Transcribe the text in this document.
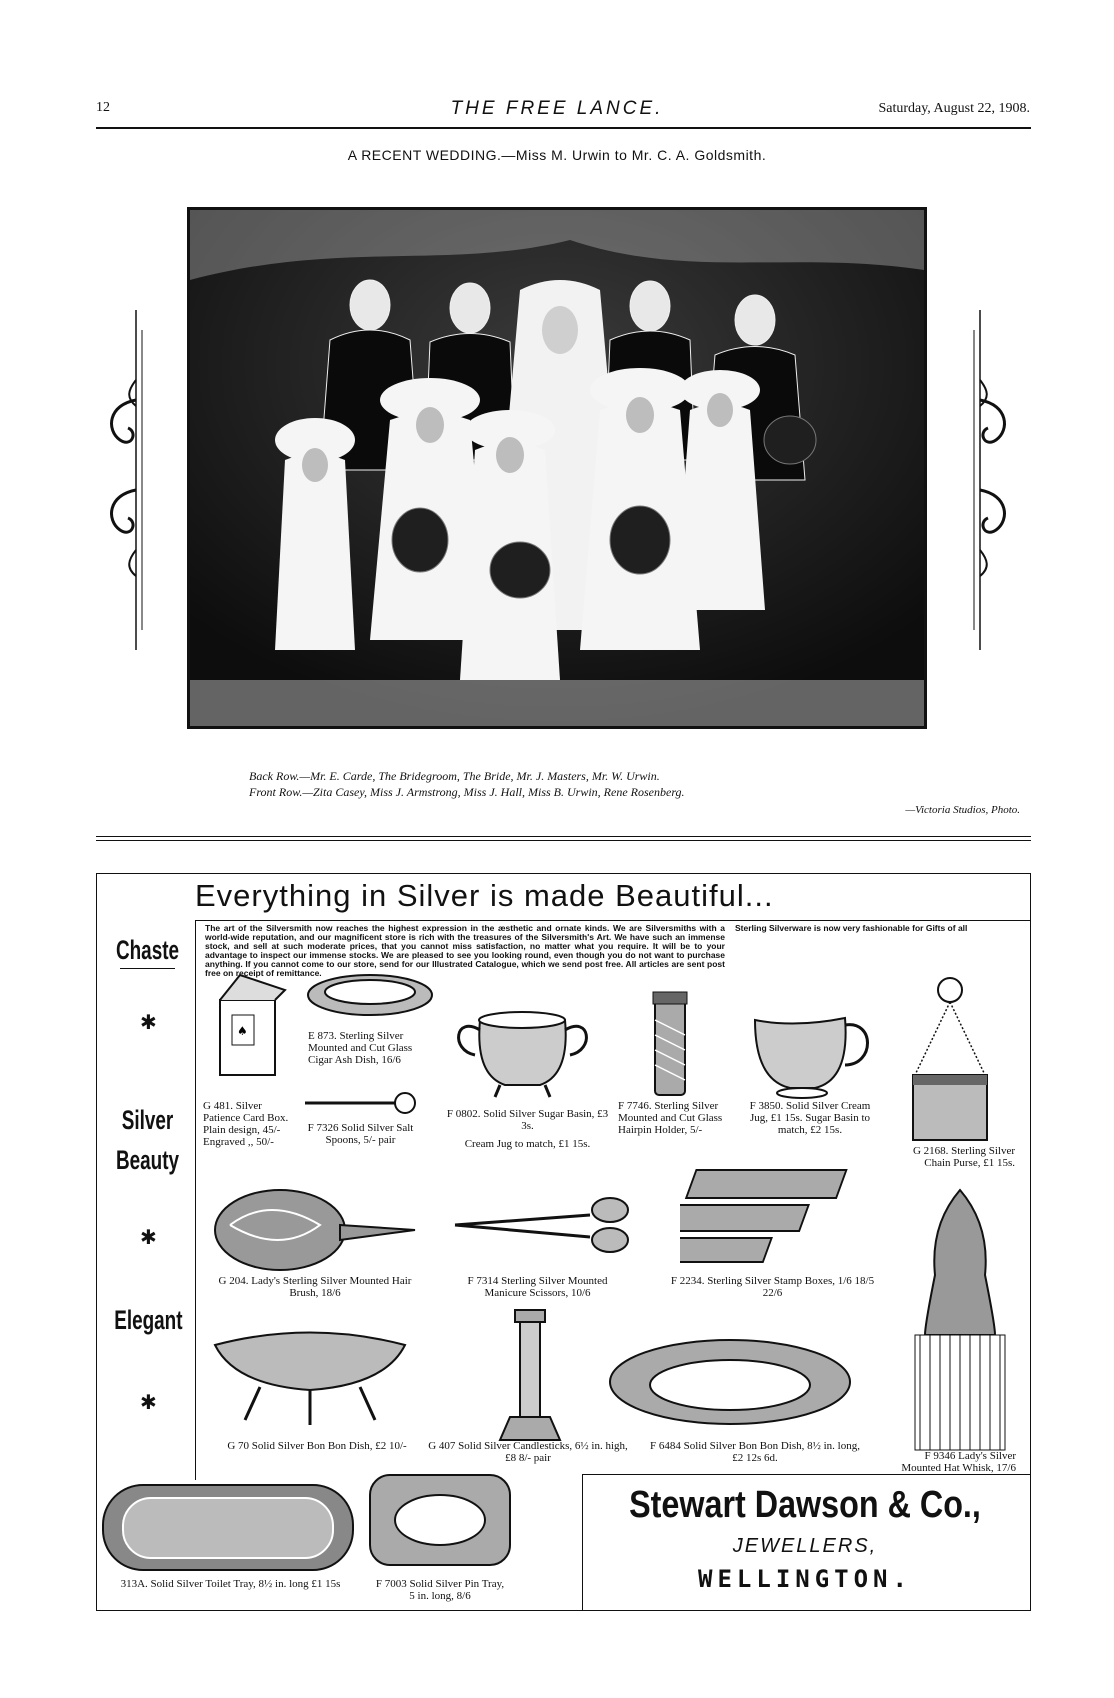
12	THE FREE LANCE.	Saturday, August 22, 1908.
A RECENT WEDDING.—Miss M. Urwin to Mr. C. A. Goldsmith.
Back Row.—Mr. E. Carde, The Bridegroom, The Bride, Mr. J. Masters, Mr. W. Urwin.
Front Row.—Zita Casey, Miss J. Armstrong, Miss J. Hall, Miss B. Urwin, Rene Rosenberg.
—Victoria Studios, Photo.
Everything in Silver is made Beautiful...
The art of the Silversmith now reaches the highest expression in the æsthetic and ornate kinds. We are Silversmiths with a world-wide reputation, and our magnificent store is rich with the treasures of the Silversmith's Art. We have such an immense stock, and sell at such moderate prices, that you cannot miss satisfaction, no matter what you require. It will be to your advantage to inspect our immense stocks. We are pleased to see you looking round, even though you do not want to purchase anything. If you cannot come to our store, send for our Illustrated Catalogue, which we send post free. All articles are sent post free on receipt of remittance.
Sterling Silverware is now very fashionable for Gifts of all
Chaste
✱
Silver
Beauty
✱
Elegant
✱
♠
G 481. Silver Patience Card Box. Plain design, 45/- Engraved ,, 50/-
E 873. Sterling Silver Mounted and Cut Glass Cigar Ash Dish, 16/6
F 7326 Solid Silver Salt Spoons, 5/- pair
F 0802. Solid Silver Sugar Basin, £3 3s.
Cream Jug to match, £1 15s.
F 7746. Sterling Silver Mounted and Cut Glass Hairpin Holder, 5/-
F 3850. Solid Silver Cream Jug, £1 15s. Sugar Basin to match, £2 15s.
G 2168. Sterling Silver Chain Purse, £1 15s.
G 204. Lady's Sterling Silver Mounted Hair Brush, 18/6
F 7314 Sterling Silver Mounted Manicure Scissors, 10/6
F 2234. Sterling Silver Stamp Boxes, 1/6 18/5 22/6
G 70 Solid Silver Bon Bon Dish, £2 10/-	G 407 Solid Silver Candlesticks, 6½ in. high, £8 8/- pair
F 6484 Solid Silver Bon Bon Dish, 8½ in. long, £2 12s 6d.	F 9346 Lady's Silver Mounted Hat Whisk, 17/6
313A. Solid Silver Toilet Tray, 8½ in. long £1 15s	F 7003 Solid Silver Pin Tray, 5 in. long, 8/6
Stewart Dawson & Co.,
JEWELLERS,
WELLINGTON.
